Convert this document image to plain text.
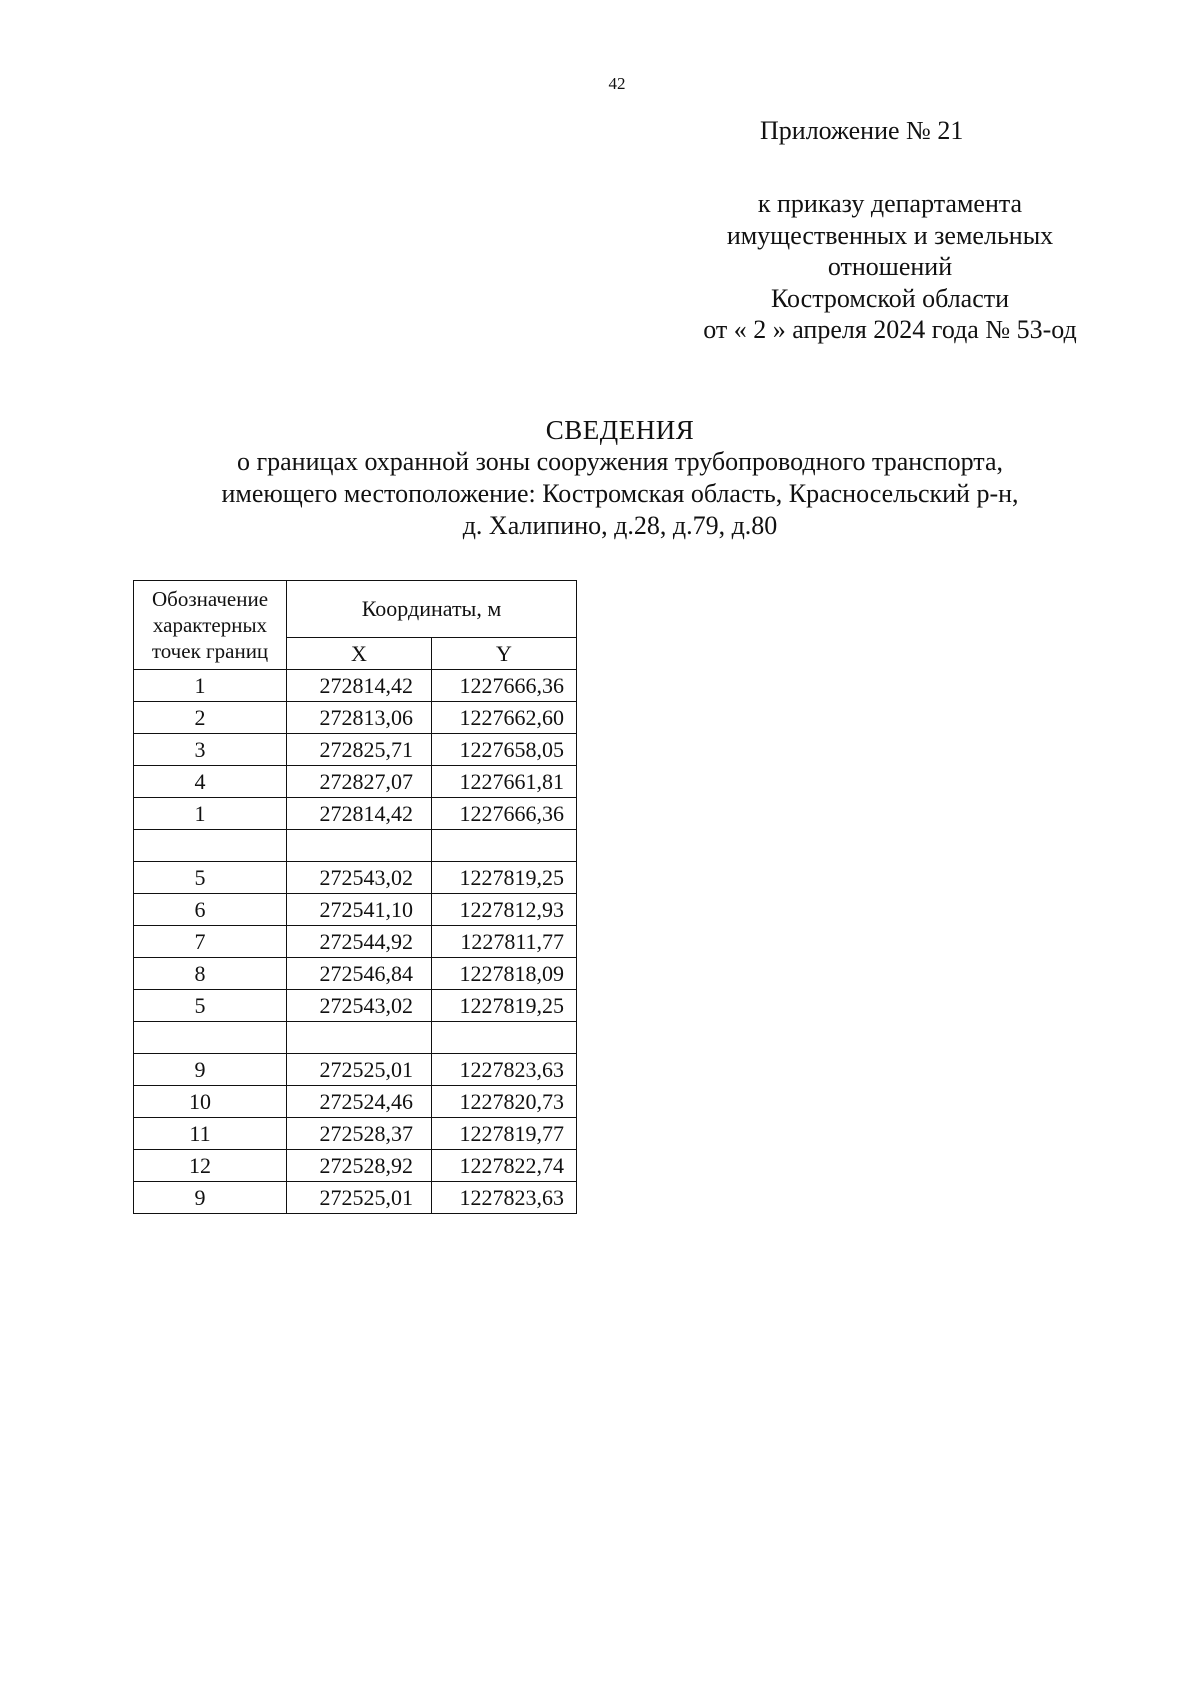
42
Приложение № 21
к приказу департамента
имущественных и земельных
отношений
Костромской области
от « 2 » апреля 2024 года № 53-од
СВЕДЕНИЯ
о границах охранной зоны сооружения трубопроводного транспорта,
имеющего местоположение: Костромская область, Красносельский р-н,
д. Халипино, д.28, д.79, д.80
Обозначение
характерных
точек границ	Координаты, м	
	X	Y
1	272814,42	1227666,36
2	272813,06	1227662,60
3	272825,71	1227658,05
4	272827,07	1227661,81
1	272814,42	1227666,36

5	272543,02	1227819,25
6	272541,10	1227812,93
7	272544,92	1227811,77
8	272546,84	1227818,09
5	272543,02	1227819,25

9	272525,01	1227823,63
10	272524,46	1227820,73
11	272528,37	1227819,77
12	272528,92	1227822,74
9	272525,01	1227823,63
